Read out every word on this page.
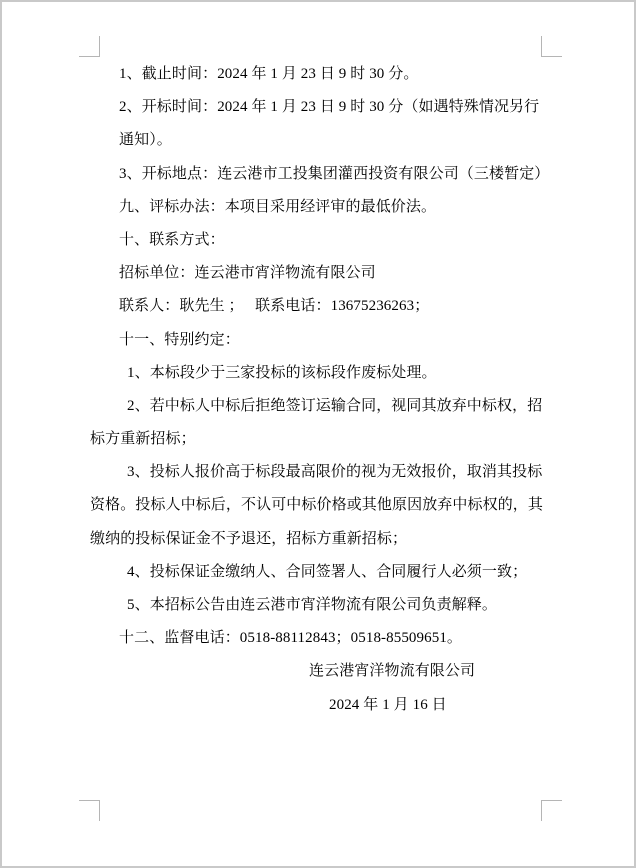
1、截止时间：2024 年 1 月 23 日 9 时 30 分。
2、开标时间：2024 年 1 月 23 日 9 时 30 分（如遇特殊情况另行
通知）。
3、开标地点：连云港市工投集团灌西投资有限公司（三楼暂定）
九、评标办法：本项目采用经评审的最低价法。
十、联系方式：
招标单位：连云港市宵洋物流有限公司
联系人：耿先生 ；　 联系电话：13675236263；
十一、特别约定：
1、本标段少于三家投标的该标段作废标处理。
2、若中标人中标后拒绝签订运输合同，视同其放弃中标权，招
标方重新招标；
3、投标人报价高于标段最高限价的视为无效报价，取消其投标
资格。投标人中标后，不认可中标价格或其他原因放弃中标权的，其
缴纳的投标保证金不予退还，招标方重新招标；
4、投标保证金缴纳人、合同签署人、合同履行人必须一致；
5、本招标公告由连云港市宵洋物流有限公司负责解释。
十二、监督电话：0518-88112843；0518-85509651。
连云港宵洋物流有限公司
2024 年 1 月 16 日
